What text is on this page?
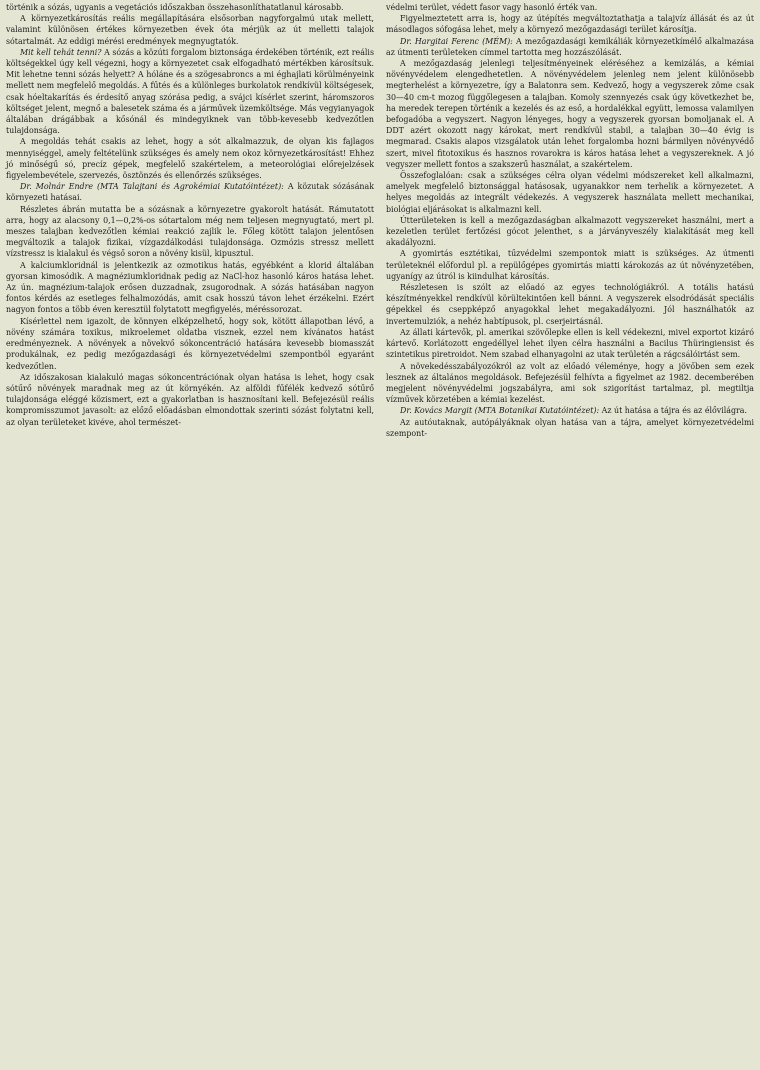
történik a sózás, ugyanis a vegetációs időszakban összehasonlíthatatlanul károsabb.

A környezetkárosítás reális megállapítására elsősorban nagyforgalmú utak mellett, valamint különösen értékes környezetben évek óta mérjük az út melletti talajok sótartalmát. Az eddigi mérési eredmények megnyugtatók.

Mit kell tehát tenni? A sózás a közúti forgalom biztonsága érdekében történik, ezt reális költségekkel úgy kell végezni, hogy a környezetet csak elfogadható mértékben károsítsuk. Mit lehetne tenni sózás helyett? A hóláne és a szögesabroncs a mi éghajlati körülményeink mellett nem megfelelő megoldás. A fűtés és a különleges burkolatok rendkívül költségesek, csak hóeltakarítás és érdesítő anyag szórása pedig, a svájci kísérlet szerint, háromszoros költséget jelent, megnő a balesetek száma és a járművek üzemköltsége. Más vegyianyagok általában drágábbak a kősónál és mindegyiknek van több-kevesebb kedvezőtlen tulajdonsága.

A megoldás tehát csakis az lehet, hogy a sót alkalmazzuk, de olyan kis fajlagos mennyiséggel, amely feltételünk szükséges és amely nem okoz környezetkárosítást! Ehhez jó minőségű só, precíz gépek, megfelelő szakértelem, a meteorológiai előrejelzések figyelembevétele, szervezés, ösztönzés és ellenőrzés szükséges.

Dr. Molnár Endre (MTA Talajtani és Agrokémiai Kutatóintézet): A közutak sózásának környezeti hatásai.

Részletes ábrán mutatta be a sózásnak a környezetre gyakorolt hatását. Rámutatott arra, hogy az alacsony 0,1—0,2%-os sótartalom még nem teljesen megnyugtató, mert pl. meszes talajban kedvezőtlen kémiai reakció zajlik le. Főleg kötött talajon jelentősen megváltozik a talajok fizikai, vízgazdálkodási tulajdonsága. Ozmózis stressz mellett vízstressz is kialakul és végső soron a növény kisül, kipusztul.

A kalciumkloridnál is jelentkezik az ozmotikus hatás, egyébként a klorid általában gyorsan kimosódik. A magnéziumkloridnak pedig az NaCl-hoz hasonló káros hatása lehet. Az ún. magnézium-talajok erősen duzzadnak, zsugorodnak. A sózás hatásában nagyon fontos kérdés az esetleges felhalmozódás, amit csak hosszú távon lehet érzékelni. Ezért nagyon fontos a több éven keresztül folytatott megfigyelés, méréssorozat.

Kísérlettel nem igazolt, de könnyen elképzelhető, hogy sok, kötött állapotban lévő, a növény számára toxikus, mikroelemet oldatba visznek, ezzel nem kívánatos hatást eredményeznek. A növények a növekvő sókoncentráció hatására kevesebb biomasszát produkálnak, ez pedig mezőgazdasági és környezetvédelmi szempontból egyaránt kedvezőtlen.

Az időszakosan kialakuló magas sókoncentrációnak olyan hatása is lehet, hogy csak sótűrő növények maradnak meg az út környékén. Az alföldi fűfélék kedvező sótűrő tulajdonsága eléggé közismert, ezt a gyakorlatban is hasznosítani kell. Befejezésül reális kompromisszumot javasolt: az előző előadásban elmondottak szerinti sózást folytatni kell, az olyan területeket kivéve, ahol természet-

védelmi terület, védett fasor vagy hasonló érték van.

Figyelmeztetett arra is, hogy az útépítés megváltoztathatja a talajvíz állását és az út másodlagos sófogása lehet, mely a környező mezőgazdasági terület károsítja.

Dr. Hargitai Ferenc (MÉM): A mezőgazdasági kemikáliák környezetkímélő alkalmazása az útmenti területeken címmel tartotta meg hozzászólását.

A mezőgazdaság jelenlegi teljesítményeinek eléréséhez a kemizálás, a kémiai növényvédelem elengedhetetlen. A növényvédelem jelenleg nem jelent különösebb megterhelést a környezetre, így a Balatonra sem. Kedvező, hogy a vegyszerek zöme csak 30—40 cm-t mozog függőlegesen a talajban. Komoly szennyezés csak úgy következhet be, ha meredek terepen történik a kezelés és az eső, a hordalékkal együtt, lemossa valamilyen befogadóba a vegyszert. Nagyon lényeges, hogy a vegyszerek gyorsan bomoljanak el. A DDT azért okozott nagy károkat, mert rendkívül stabil, a talajban 30—40 évig is megmarad. Csakis alapos vizsgálatok után lehet forgalomba hozni bármilyen növényvédő szert, mivel fitotoxikus és hasznos rovarokra is káros hatása lehet a vegyszereknek. A jó vegyszer mellett fontos a szakszerű használat, a szakértelem.

Összefoglalóan: csak a szükséges célra olyan védelmi módszereket kell alkalmazni, amelyek megfelelő biztonsággal hatásosak, ugyanakkor nem terhelik a környezetet. A helyes megoldás az integrált védekezés. A vegyszerek használata mellett mechanikai, biológiai eljárásokat is alkalmazni kell.

Útterületeken is kell a mezőgazdaságban alkalmazott vegyszereket használni, mert a kezeletlen terület fertőzési gócot jelenthet, s a járványveszély kialakítását meg kell akadályozni.

A gyomirtás esztétikai, tűzvédelmi szempontok miatt is szükséges. Az útmenti területeknél előfordul pl. a repülőgépes gyomirtás miatti károkozás az út növényzetében, ugyanígy az útról is kiindulhat károsítás.

Részletesen is szólt az előadó az egyes technológiákról. A totális hatású készítményekkel rendkívül körültekintően kell bánni. A vegyszerek elsodródását speciális gépekkel és cseppképző anyagokkal lehet megakadályozni. Jól használhatók az invertemulziók, a nehéz habtípusok, pl. cserjeirtásnál.

Az állati kártevők, pl. amerikai szövőlepke ellen is kell védekezni, mivel exportot kizáró kártevő. Korlátozott engedéllyel lehet ilyen célra használni a Bacilus Thüringiensist és szintetikus piretroidot. Nem szabad elhanyagolni az utak területén a rágcsálóirtást sem.

A növekedésszabályozókról az volt az előadó véleménye, hogy a jövőben sem ezek lesznek az általános megoldások. Befejezésül felhívta a figyelmet az 1982. decemberében megjelent növényvédelmi jogszabályra, ami sok szigorítást tartalmaz, pl. megtiltja vízművek körzetében a kémiai kezelést.

Dr. Kovács Margit (MTA Botanikai Kutatóintézet): Az út hatása a tájra és az élővilágra.

Az autóutaknak, autópályáknak olyan hatása van a tájra, amelyet környezetvédelmi szempont-
